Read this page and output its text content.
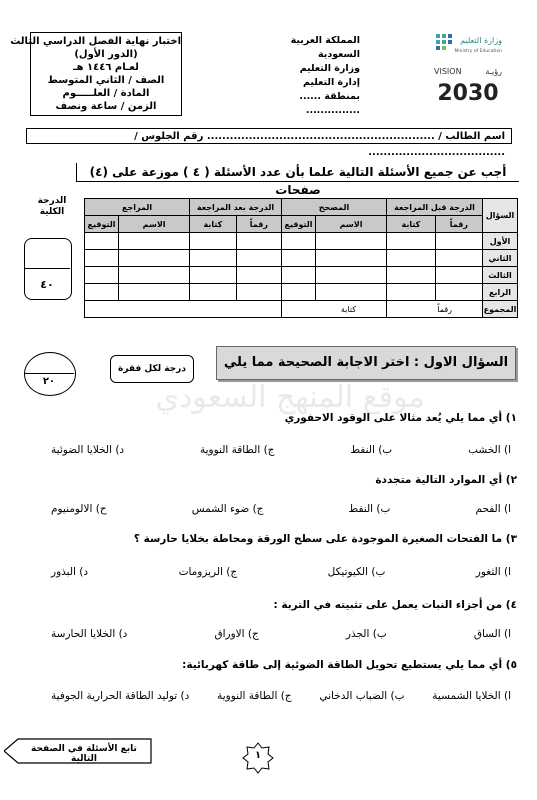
اختبار نهاية الفصل الدراسي الثالث
(الدور الأول)
لعـام ١٤٤٦ هـ
الصف / الثاني المتوسط
المادة / العلـــــوم
الزمن / ساعة ونصف
المملكة العربية السعودية
وزارة التعليم
إدارة التعليم بمنطقة ......
...............
وزارة التعليم
Ministry of Education
VISION	رؤيـة
2030
اسم الطالب / ............................................................ رقم الجلوس / ....................................
أجب عن جميع الأسئلة التالية علما بأن عدد الأسئلة ( ٤ ) موزعة على (٤) صفحات
الدرجة الكلية
٤٠
السؤال	الدرجة قبل المراجعة		المصحح		الدرجة بعد المراجعة		المراجع	
	رقماً	كتابة	الاسم	التوقيع	رقماً	كتابة	الاسم	التوقيع
الأول								
الثاني								
الثالث								
الرابع								
المجموع	رقماً		كتابة					
٢٠
درجة لكل فقرة	السؤال الاول : اختر الاجابة الصحيحة مما يلي
موقع المنهج السعودي
١) أي مما يلي يُعد مثالا على الوقود الاحفوري
ا) الخشب
ب) النفط
ج) الطاقة النووية
د) الخلايا الضوئية
٢) أي الموارد التالية متجددة
ا) الفحم
ب) النفط
ج) ضوء الشمس
ح) الالومنيوم
٣) ما الفتحات الصغيرة الموجودة على سطح الورقة ومحاطة بخلايا حارسة ؟
ا) الثغور
ب) الكيوتيكل
ج) الريزومات
د) البذور
٤) من أجزاء النبات يعمل على تثبيته في التربة :
ا) الساق
ب) الجذر
ج) الاوراق
د) الخلايا الحارسة
٥) أي مما يلي يستطيع تحويل الطاقة الضوئية إلى طاقة كهربائية:
ا) الخلايا الشمسية
ب) الضباب الدخاني
ج) الطاقة النووية
د) توليد الطاقة الحرارية الجوفية
تابع الأسئلة في الصفحة التالية	١
